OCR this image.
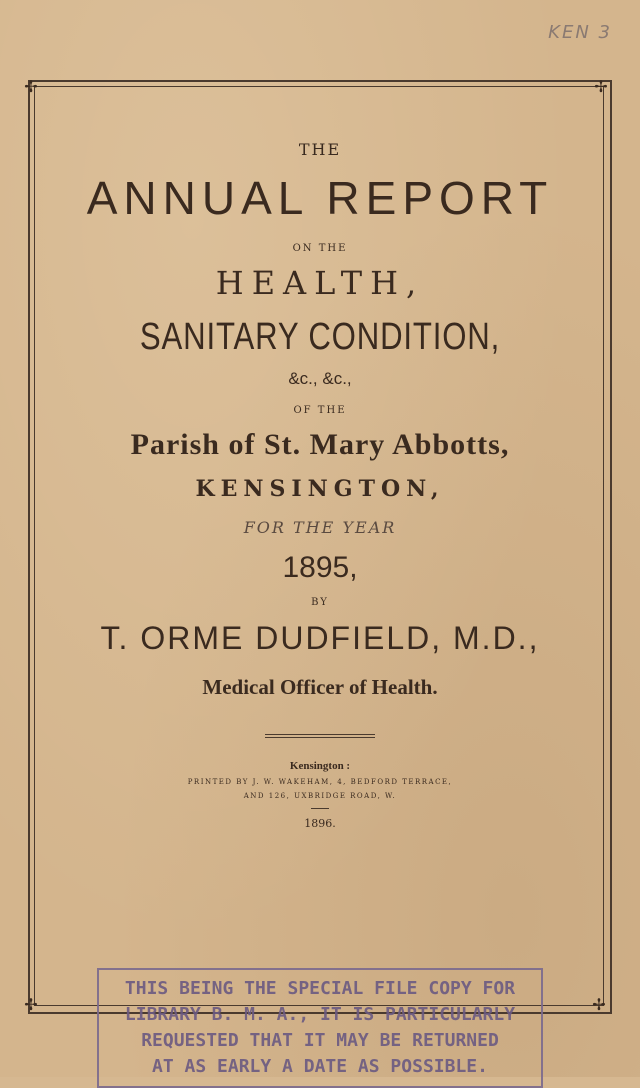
KEN 3
✢	✢
✢	✢
THE
ANNUAL REPORT
ON THE
HEALTH,
SANITARY CONDITION,
&c., &c.,
OF THE
Parish of St. Mary Abbotts,
KENSINGTON,
FOR THE YEAR
1895,
BY
T. ORME DUDFIELD, M.D.,
Medical Officer of Health.
Kensington :
PRINTED BY J. W. WAKEHAM, 4, BEDFORD TERRACE,
AND 126, UXBRIDGE ROAD, W.
1896.
THIS BEING THE SPECIAL FILE COPY FOR
LIBRARY B. M. A., IT IS PARTICULARLY
REQUESTED THAT IT MAY BE RETURNED
AT AS EARLY A DATE AS POSSIBLE.
